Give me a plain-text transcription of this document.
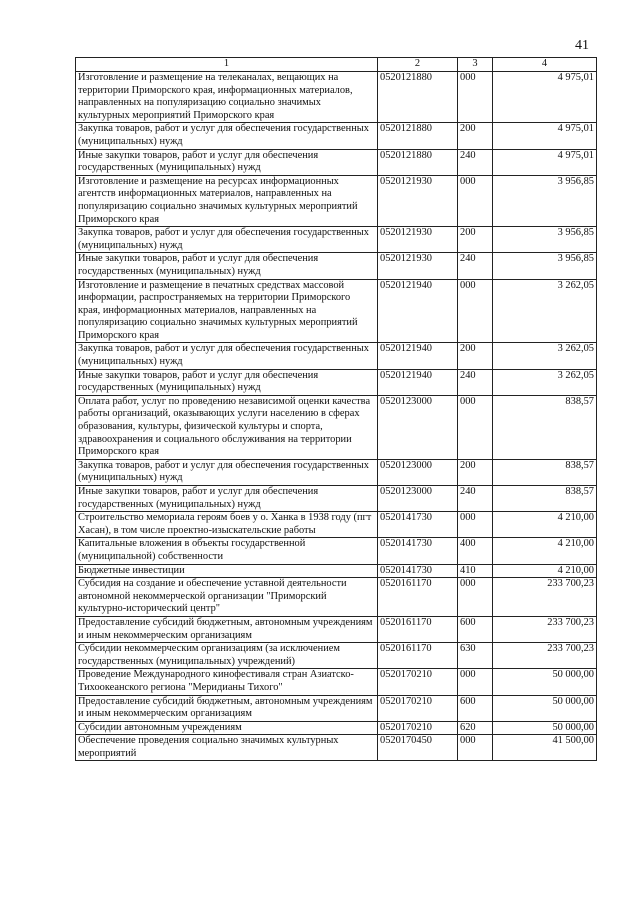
41
1	2	3	4
Изготовление и размещение на телеканалах, вещающих на территории Приморского края, информационных материалов, направленных на популяризацию социально значимых культурных мероприятий Приморского края	0520121880	000	4 975,01
Закупка товаров, работ и услуг для обеспечения государственных (муниципальных) нужд	0520121880	200	4 975,01
Иные закупки товаров, работ и услуг для обеспечения государственных (муниципальных) нужд	0520121880	240	4 975,01
Изготовление и размещение на ресурсах информационных агентств информационных материалов, направленных на популяризацию социально значимых культурных мероприятий Приморского края	0520121930	000	3 956,85
Закупка товаров, работ и услуг для обеспечения государственных (муниципальных) нужд	0520121930	200	3 956,85
Иные закупки товаров, работ и услуг для обеспечения государственных (муниципальных) нужд	0520121930	240	3 956,85
Изготовление и размещение в печатных средствах массовой информации, распространяемых на территории Приморского края, информационных материалов, направленных на популяризацию социально значимых культурных мероприятий Приморского края	0520121940	000	3 262,05
Закупка товаров, работ и услуг для обеспечения государственных (муниципальных) нужд	0520121940	200	3 262,05
Иные закупки товаров, работ и услуг для обеспечения государственных (муниципальных) нужд	0520121940	240	3 262,05
Оплата работ, услуг по проведению независимой оценки качества работы организаций, оказывающих услуги населению в сферах образования, культуры, физической культуры и спорта, здравоохранения и социального обслуживания на территории Приморского края	0520123000	000	838,57
Закупка товаров, работ и услуг для обеспечения государственных (муниципальных) нужд	0520123000	200	838,57
Иные закупки товаров, работ и услуг для обеспечения государственных (муниципальных) нужд	0520123000	240	838,57
Строительство мемориала героям боев у о. Ханка в 1938 году (пгт Хасан), в том числе проектно-изыскательские работы	0520141730	000	4 210,00
Капитальные вложения в объекты государственной (муниципальной) собственности	0520141730	400	4 210,00
Бюджетные инвестиции	0520141730	410	4 210,00
Субсидия на создание и обеспечение уставной деятельности автономной некоммерческой организации "Приморский культурно-исторический центр"	0520161170	000	233 700,23
Предоставление субсидий бюджетным, автономным учреждениям и иным некоммерческим организациям	0520161170	600	233 700,23
Субсидии некоммерческим организациям (за исключением государственных (муниципальных) учреждений)	0520161170	630	233 700,23
Проведение Международного кинофестиваля стран Азиатско-Тихоокеанского региона "Меридианы Тихого"	0520170210	000	50 000,00
Предоставление субсидий бюджетным, автономным учреждениям и иным некоммерческим организациям	0520170210	600	50 000,00
Субсидии автономным учреждениям	0520170210	620	50 000,00
Обеспечение проведения социально значимых культурных мероприятий	0520170450	000	41 500,00
